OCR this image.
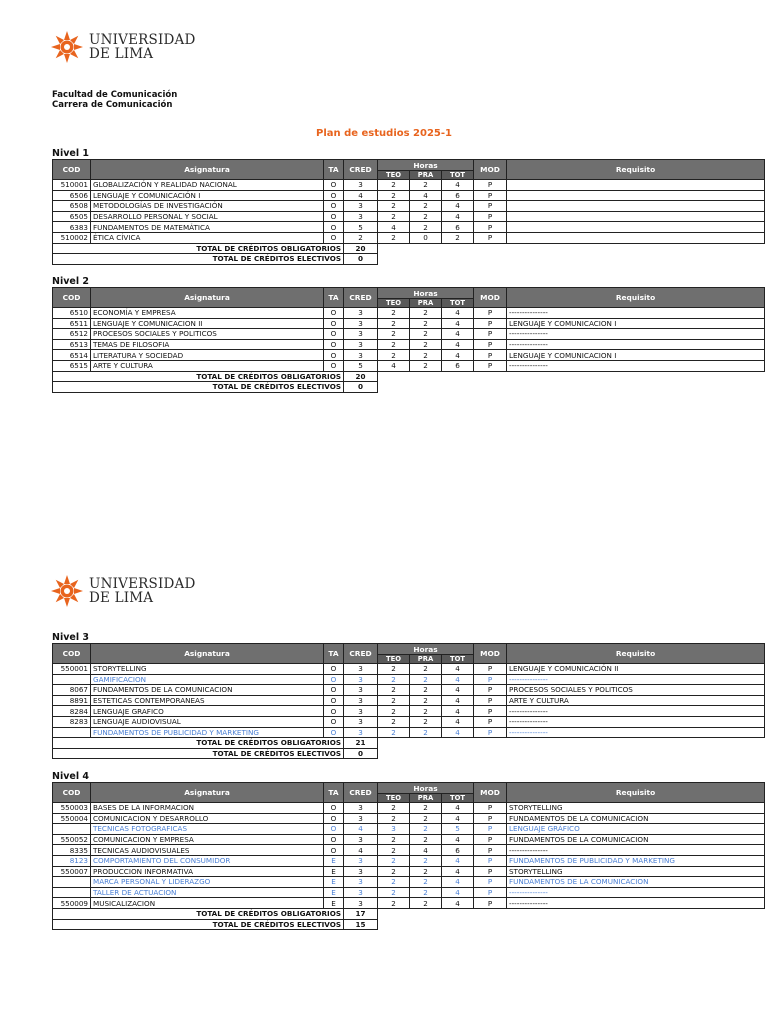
UNIVERSIDAD
DE LIMA
Facultad de Comunicación
Carrera de Comunicación
Plan de estudios 2025-1
UNIVERSIDAD
DE LIMA
Nivel 1
COD	Asignatura	TA	CRED	Horas			MOD	Requisito
				TEO	PRA	TOT		
510001	GLOBALIZACIÓN Y REALIDAD NACIONAL	O	3	2	2	4	P	
6506	LENGUAJE Y COMUNICACIÓN I	O	4	2	4	6	P	
6508	METODOLOGÍAS DE INVESTIGACIÓN	O	3	2	2	4	P	
6505	DESARROLLO PERSONAL Y SOCIAL	O	3	2	2	4	P	
6383	FUNDAMENTOS DE MATEMÁTICA	O	5	4	2	6	P	
510002	ÉTICA CÍVICA	O	2	2	0	2	P	
TOTAL DE CRÉDITOS OBLIGATORIOS			20					
TOTAL DE CRÉDITOS ELECTIVOS			0					
Nivel 2
COD	Asignatura	TA	CRED	Horas			MOD	Requisito
				TEO	PRA	TOT		
6510	ECONOMÍA Y EMPRESA	O	3	2	2	4	P	---------------
6511	LENGUAJE Y COMUNICACION II	O	3	2	2	4	P	LENGUAJE Y COMUNICACION I
6512	PROCESOS SOCIALES Y POLITICOS	O	3	2	2	4	P	---------------
6513	TEMAS DE FILOSOFIA	O	3	2	2	4	P	---------------
6514	LITERATURA Y SOCIEDAD	O	3	2	2	4	P	LENGUAJE Y COMUNICACION I
6515	ARTE Y CULTURA	O	5	4	2	6	P	---------------
TOTAL DE CRÉDITOS OBLIGATORIOS			20					
TOTAL DE CRÉDITOS ELECTIVOS			0					
Nivel 3
COD	Asignatura	TA	CRED	Horas			MOD	Requisito
				TEO	PRA	TOT		
550001	STORYTELLING	O	3	2	2	4	P	LENGUAJE Y COMUNICACIÓN II
	GAMIFICACION	O	3	2	2	4	P	---------------
8067	FUNDAMENTOS DE LA COMUNICACION	O	3	2	2	4	P	PROCESOS SOCIALES Y POLITICOS
8891	ESTETICAS CONTEMPORANEAS	O	3	2	2	4	P	ARTE Y CULTURA
8284	LENGUAJE GRAFICO	O	3	2	2	4	P	---------------
8283	LENGUAJE AUDIOVISUAL	O	3	2	2	4	P	---------------
	FUNDAMENTOS DE PUBLICIDAD Y MARKETING	O	3	2	2	4	P	---------------
TOTAL DE CRÉDITOS OBLIGATORIOS			21					
TOTAL DE CRÉDITOS ELECTIVOS			0					
Nivel 4
COD	Asignatura	TA	CRED	Horas			MOD	Requisito
				TEO	PRA	TOT		
550003	BASES DE LA INFORMACION	O	3	2	2	4	P	STORYTELLING
550004	COMUNICACION Y DESARROLLO	O	3	2	2	4	P	FUNDAMENTOS DE LA COMUNICACION
	TECNICAS FOTOGRAFICAS	O	4	3	2	5	P	LENGUAJE GRÁFICO
550052	COMUNICACION Y EMPRESA	O	3	2	2	4	P	FUNDAMENTOS DE LA COMUNICACION
8335	TECNICAS AUDIOVISUALES	O	4	2	4	6	P	---------------
8123	COMPORTAMIENTO DEL CONSUMIDOR	E	3	2	2	4	P	FUNDAMENTOS DE PUBLICIDAD Y MARKETING
550007	PRODUCCION INFORMATIVA	E	3	2	2	4	P	STORYTELLING
	MARCA PERSONAL Y LIDERAZGO	E	3	2	2	4	P	FUNDAMENTOS DE LA COMUNICACION
	TALLER DE ACTUACION	E	3	2	2	4	P	---------------
550009	MUSICALIZACION	E	3	2	2	4	P	---------------
TOTAL DE CRÉDITOS OBLIGATORIOS			17					
TOTAL DE CRÉDITOS ELECTIVOS			15					
